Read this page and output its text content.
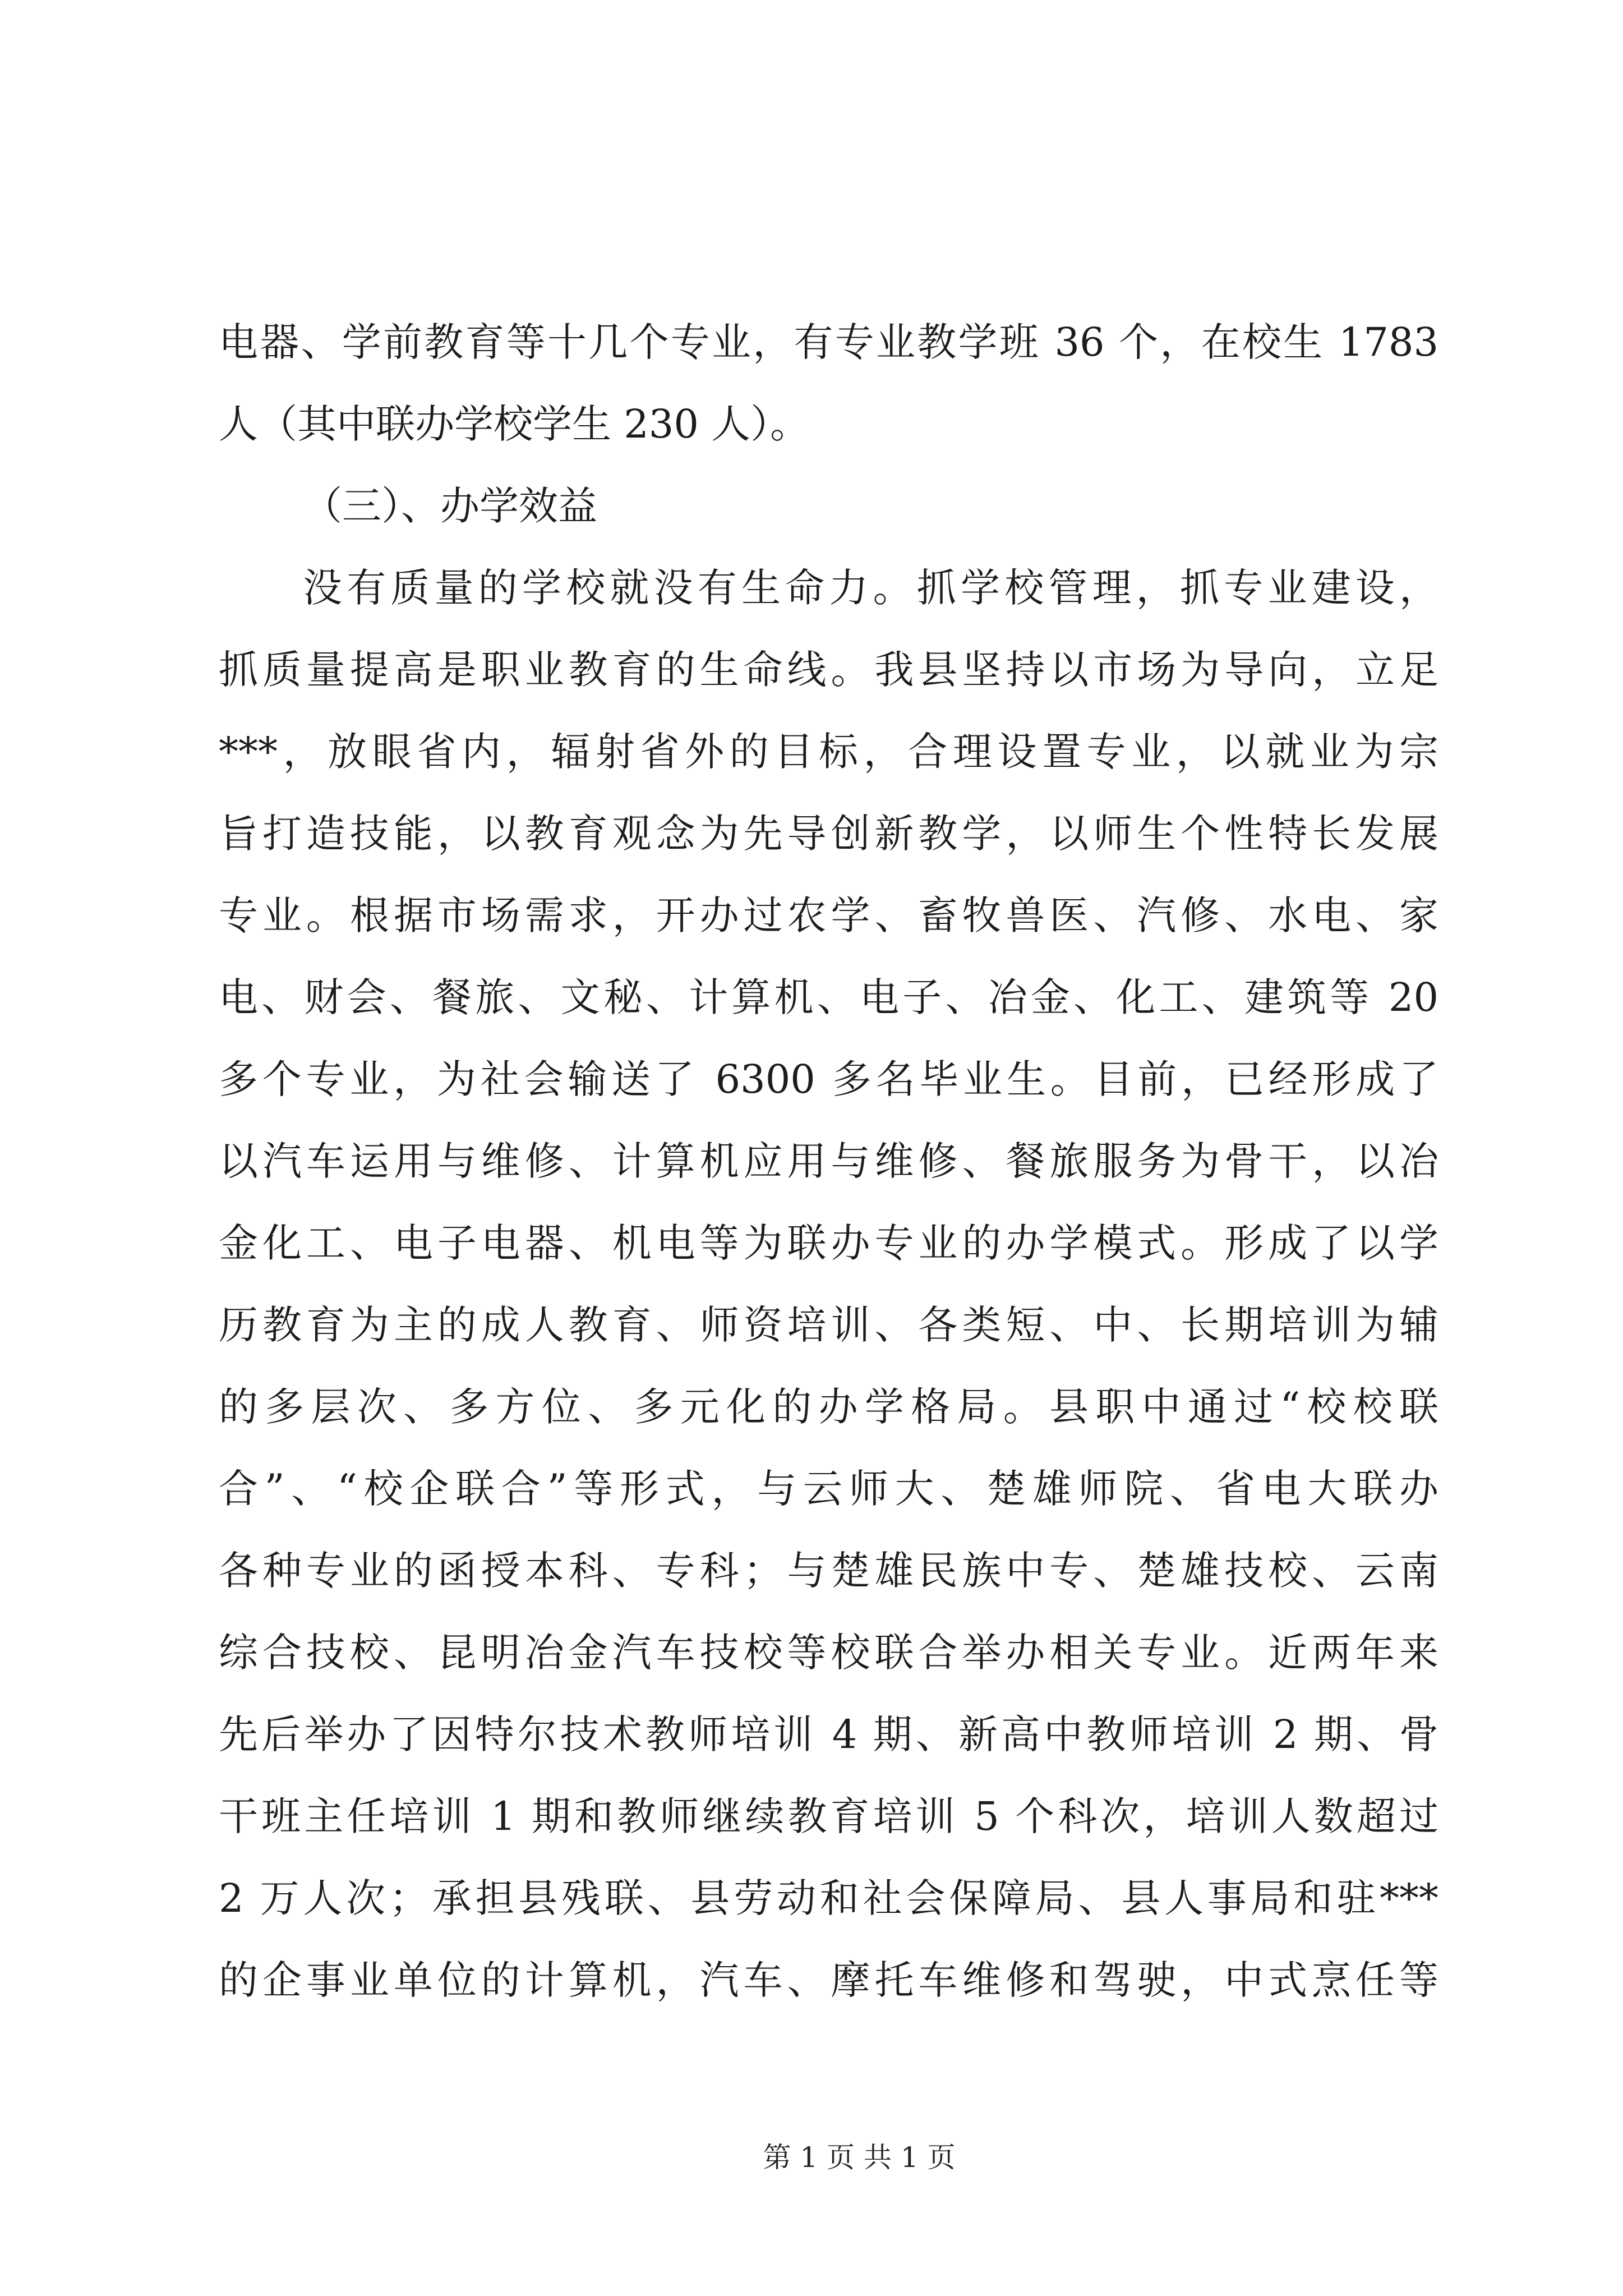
电器、学前教育等十几个专业，有专业教学班 36 个，在校生 1783
人（其中联办学校学生 230 人）。
（三）、办学效益
没有质量的学校就没有生命力。抓学校管理，抓专业建设，
抓质量提高是职业教育的生命线。我县坚持以市场为导向，立足
***，放眼省内，辐射省外的目标，合理设置专业，以就业为宗
旨打造技能，以教育观念为先导创新教学，以师生个性特长发展
专业。根据市场需求，开办过农学、畜牧兽医、汽修、水电、家
电、财会、餐旅、文秘、计算机、电子、冶金、化工、建筑等 20
多个专业，为社会输送了 6300 多名毕业生。目前，已经形成了
以汽车运用与维修、计算机应用与维修、餐旅服务为骨干，以冶
金化工、电子电器、机电等为联办专业的办学模式。形成了以学
历教育为主的成人教育、师资培训、各类短、中、长期培训为辅
的多层次、多方位、多元化的办学格局。县职中通过“校校联
合”、“校企联合”等形式，与云师大、楚雄师院、省电大联办
各种专业的函授本科、专科；与楚雄民族中专、楚雄技校、云南
综合技校、昆明冶金汽车技校等校联合举办相关专业。近两年来
先后举办了因特尔技术教师培训 4 期、新高中教师培训 2 期、骨
干班主任培训 1 期和教师继续教育培训 5 个科次，培训人数超过
2 万人次；承担县残联、县劳动和社会保障局、县人事局和驻***
的企事业单位的计算机，汽车、摩托车维修和驾驶，中式烹任等
第 1 页 共 1 页
